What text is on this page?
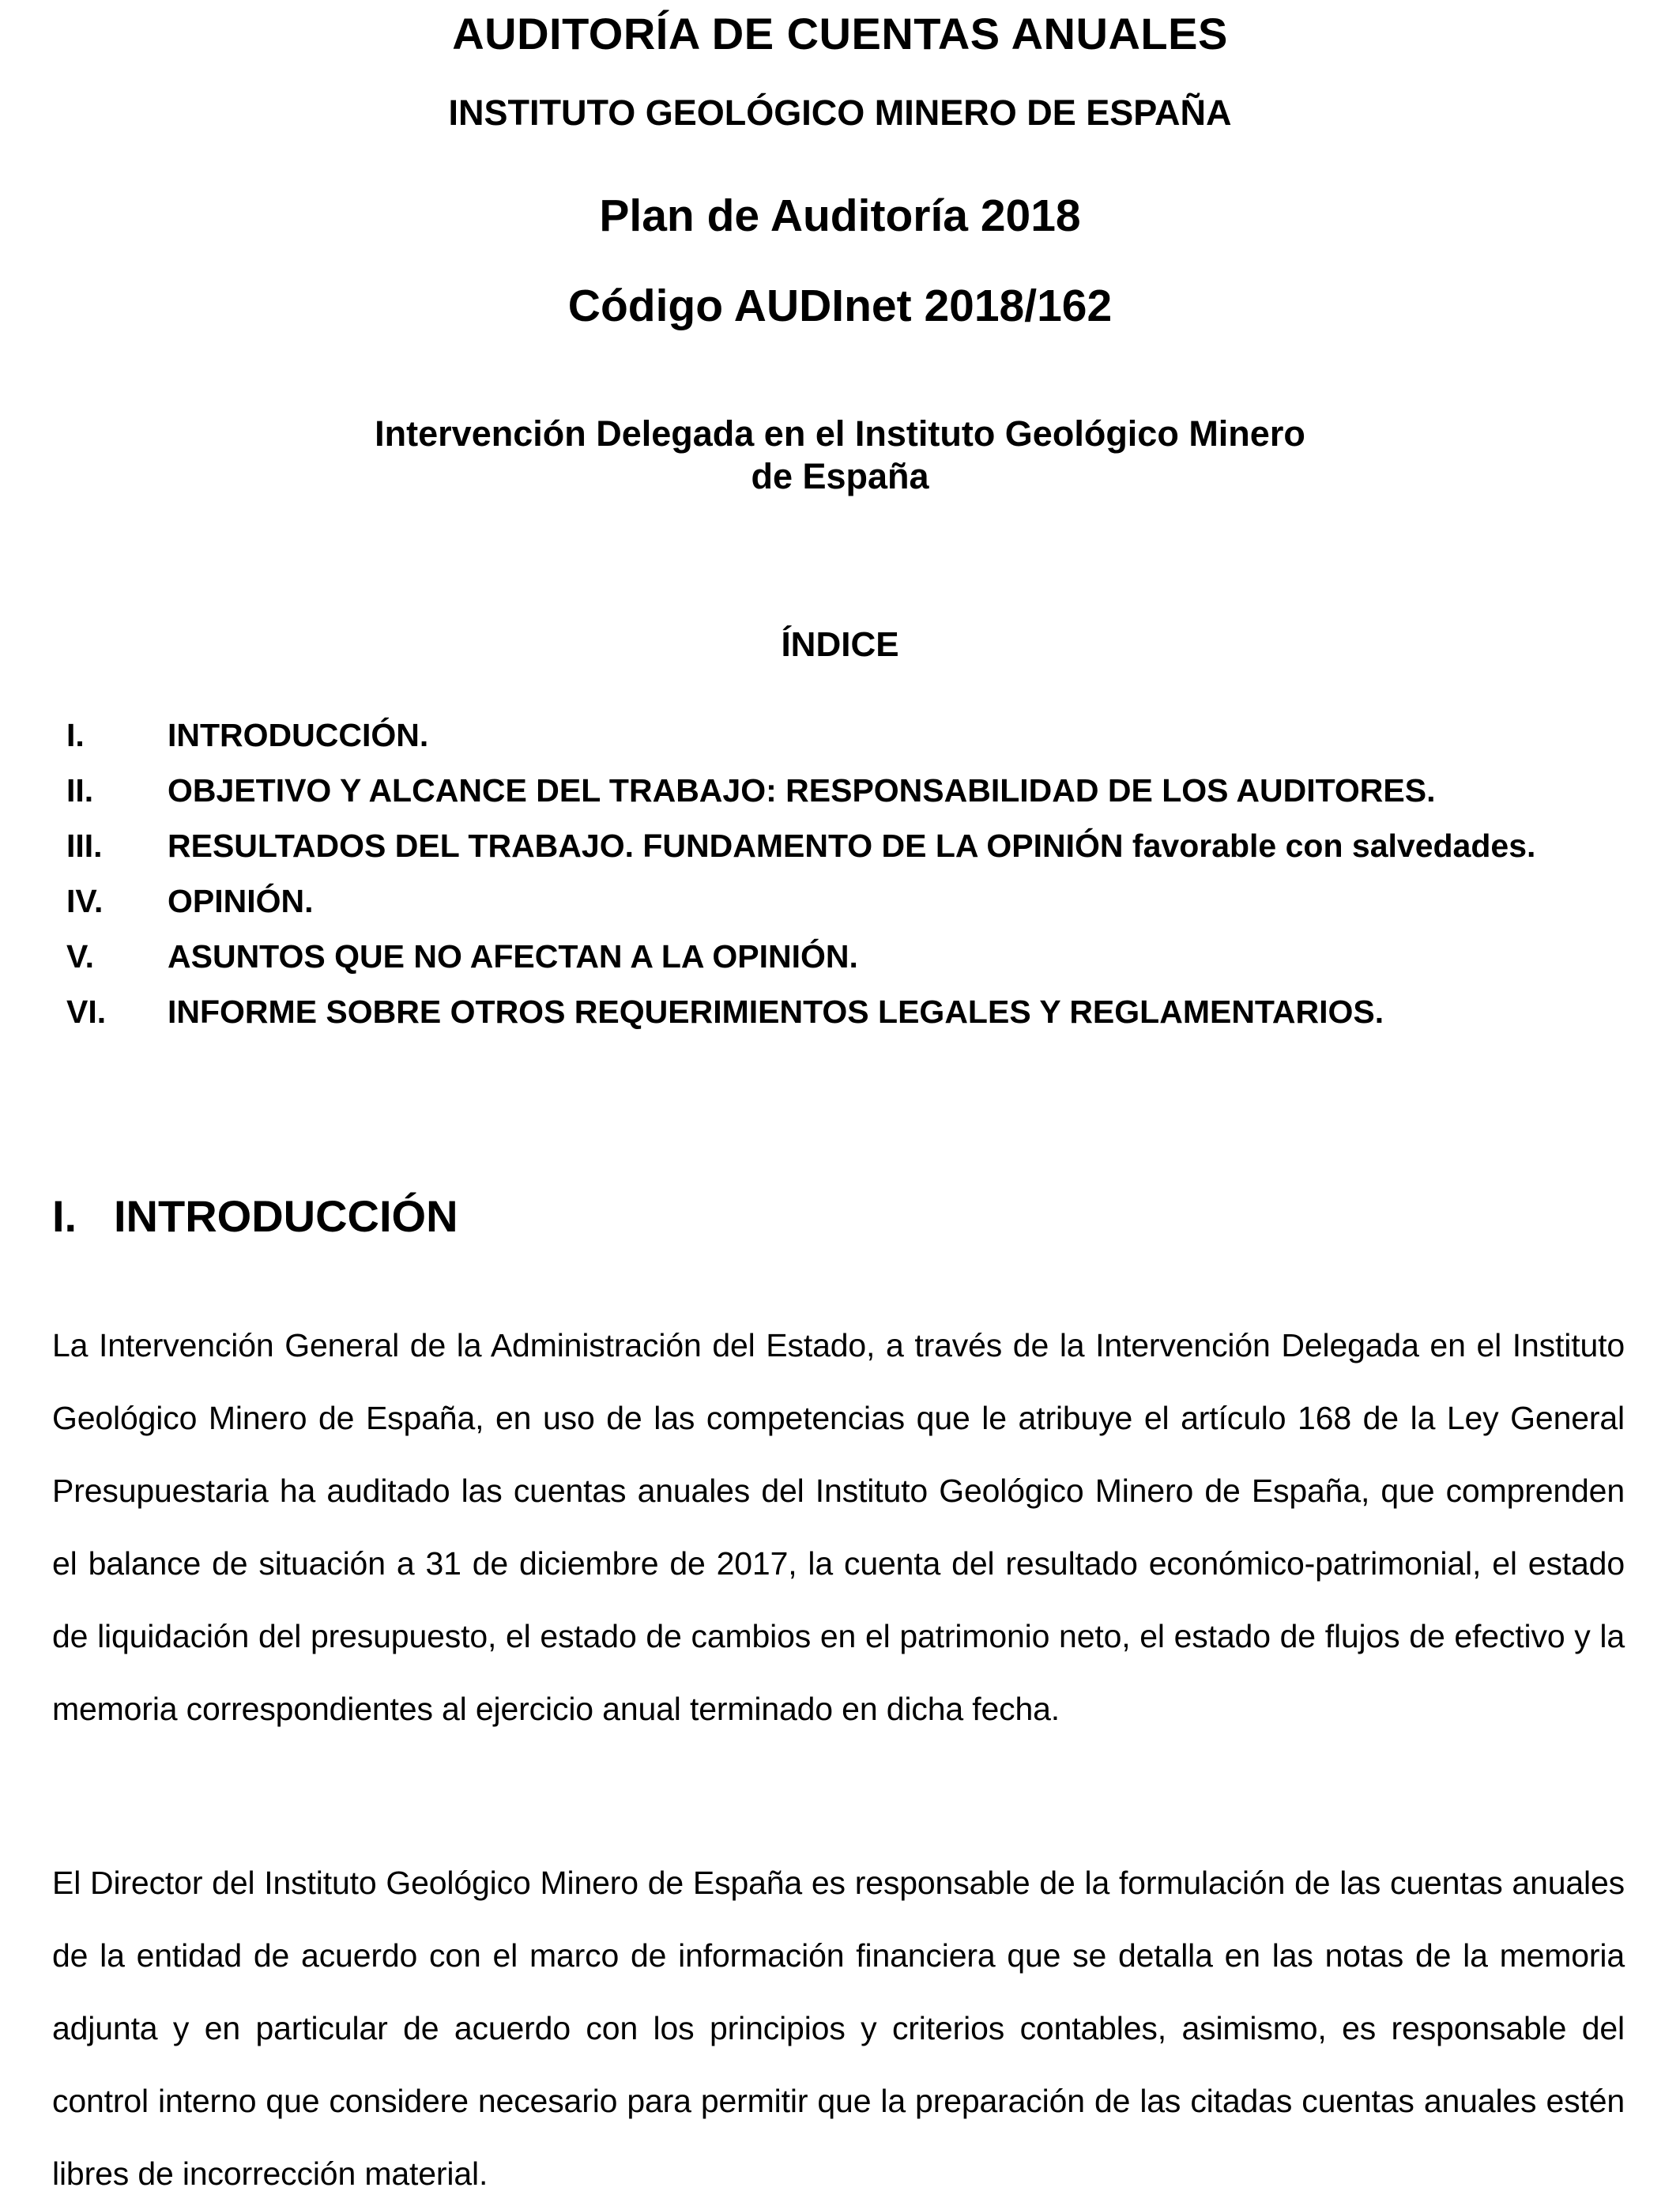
AUDITORÍA DE CUENTAS ANUALES
INSTITUTO GEOLÓGICO MINERO DE ESPAÑA
Plan de Auditoría 2018
Código AUDInet 2018/162
Intervención Delegada en el Instituto Geológico Minero
de España
ÍNDICE
I.	INTRODUCCIÓN.
II. OBJETIVO Y ALCANCE DEL TRABAJO: RESPONSABILIDAD DE LOS AUDITORES.
III. RESULTADOS DEL TRABAJO. FUNDAMENTO DE LA OPINIÓN favorable con salvedades.
IV. OPINIÓN.
V. ASUNTOS QUE NO AFECTAN A LA OPINIÓN.
VI. INFORME SOBRE OTROS REQUERIMIENTOS LEGALES Y REGLAMENTARIOS.
I. INTRODUCCIÓN

La Intervención General de la Administración del Estado, a través de la Intervención Delegada en el Instituto Geológico Minero de España, en uso de las competencias que le atribuye el artículo 168 de la Ley General Presupuestaria ha auditado las cuentas anuales del Instituto Geológico Minero de España, que comprenden el balance de situación a 31 de diciembre de 2017, la cuenta del resultado económico-patrimonial, el estado de liquidación del presupuesto, el estado de cambios en el patrimonio neto, el estado de flujos de efectivo y la memoria correspondientes al ejercicio anual terminado en dicha fecha.

El Director del Instituto Geológico Minero de España es responsable de la formulación de las cuentas anuales de la entidad de acuerdo con el marco de información financiera que se detalla en las notas de la memoria adjunta y en particular de acuerdo con los principios y criterios contables, asimismo, es responsable del control interno que considere necesario para permitir que la preparación de las citadas cuentas anuales estén libres de incorrección material.
